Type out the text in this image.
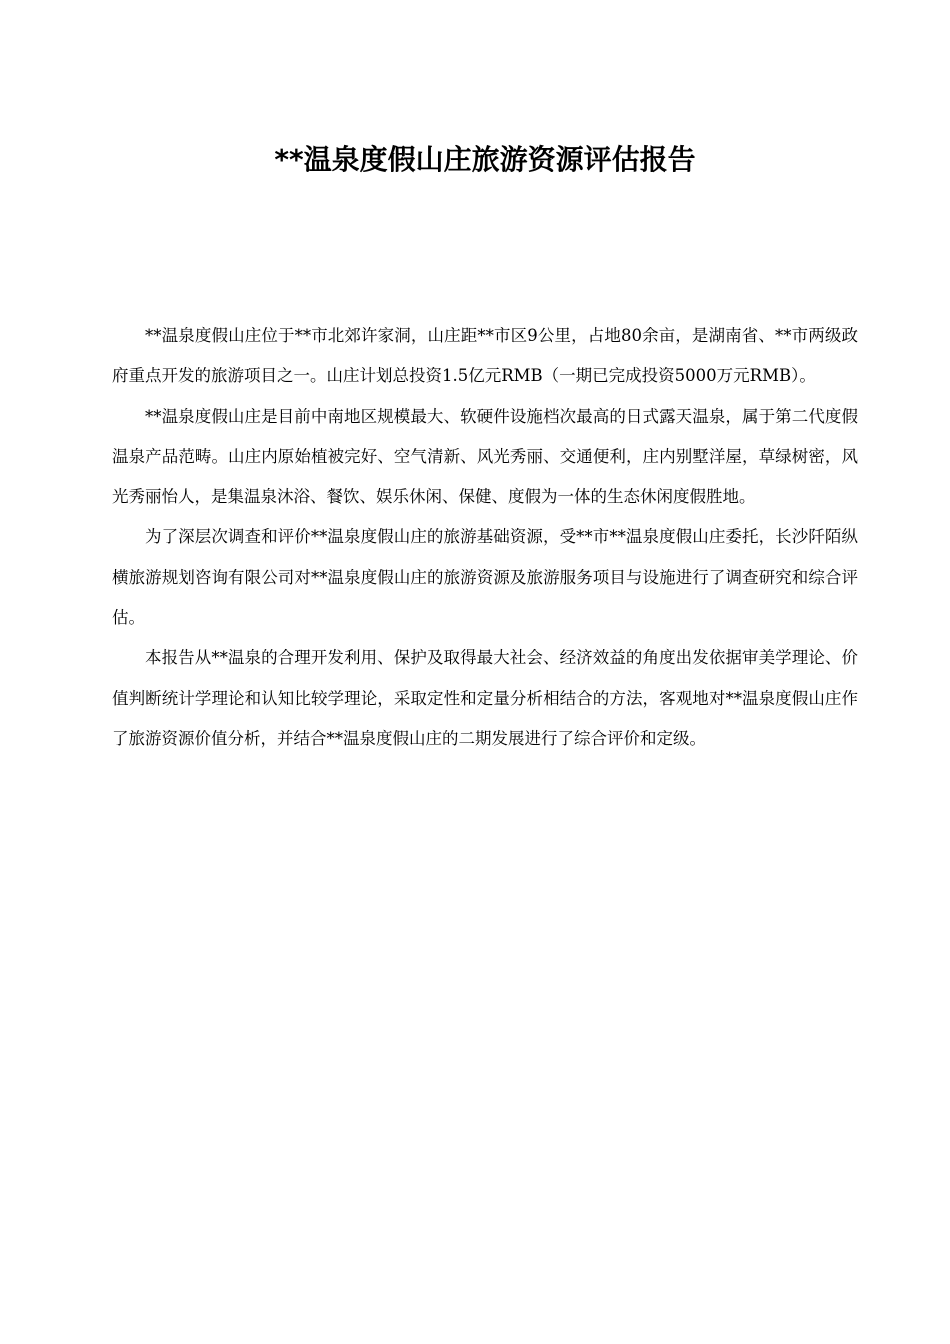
**温泉度假山庄旅游资源评估报告

**温泉度假山庄位于**市北郊许家洞，山庄距**市区9公里，占地80余亩，是湖南省、**市两级政府重点开发的旅游项目之一。山庄计划总投资1.5亿元RMB（一期已完成投资5000万元RMB）。

**温泉度假山庄是目前中南地区规模最大、软硬件设施档次最高的日式露天温泉，属于第二代度假温泉产品范畴。山庄内原始植被完好、空气清新、风光秀丽、交通便利，庄内别墅洋屋，草绿树密，风光秀丽怡人，是集温泉沐浴、餐饮、娱乐休闲、保健、度假为一体的生态休闲度假胜地。

为了深层次调查和评价**温泉度假山庄的旅游基础资源，受**市**温泉度假山庄委托，长沙阡陌纵横旅游规划咨询有限公司对**温泉度假山庄的旅游资源及旅游服务项目与设施进行了调查研究和综合评估。

本报告从**温泉的合理开发利用、保护及取得最大社会、经济效益的角度出发依据审美学理论、价值判断统计学理论和认知比较学理论，采取定性和定量分析相结合的方法，客观地对**温泉度假山庄作了旅游资源价值分析，并结合**温泉度假山庄的二期发展进行了综合评价和定级。
